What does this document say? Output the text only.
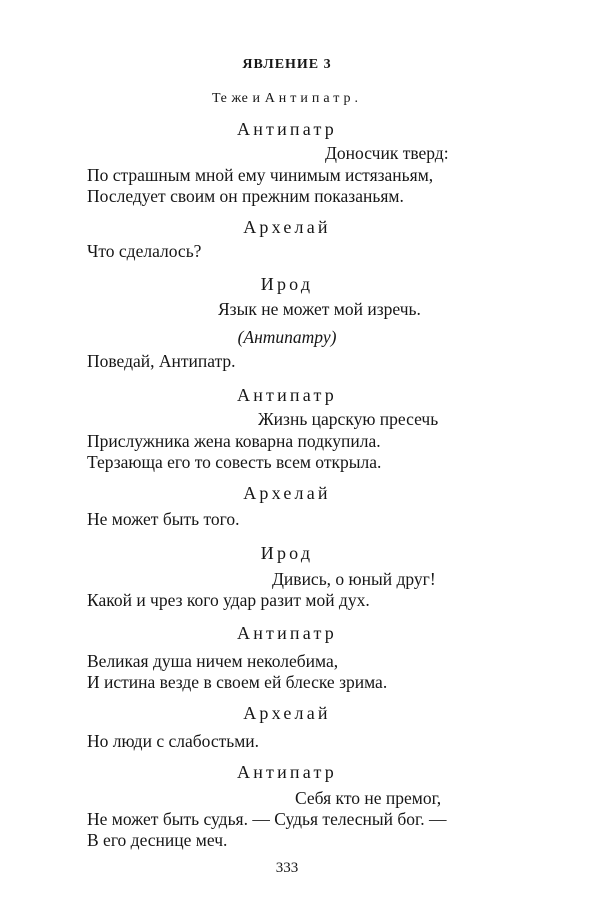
ЯВЛЕНИЕ 3
Те же и Антипатр.
Антипатр
Доносчик тверд:
По страшным мной ему чинимым истязаньям,
Последует своим он прежним показаньям.
Архелай
Что сделалось?
Ирод
Язык не может мой изречь.
(Антипатру)
Поведай, Антипатр.
Антипатр
Жизнь царскую пресечь
Прислужника жена коварна подкупила.
Терзающа его то совесть всем открыла.
Архелай
Не может быть того.
Ирод
Дивись, о юный друг!
Какой и чрез кого удар разит мой дух.
Антипатр
Великая душа ничем неколебима,
И истина везде в своем ей блеске зрима.
Архелай
Но люди с слабостьми.
Антипатр
Себя кто не премог,
Не может быть судья. — Судья телесный бог. —
В его деснице меч.
333
